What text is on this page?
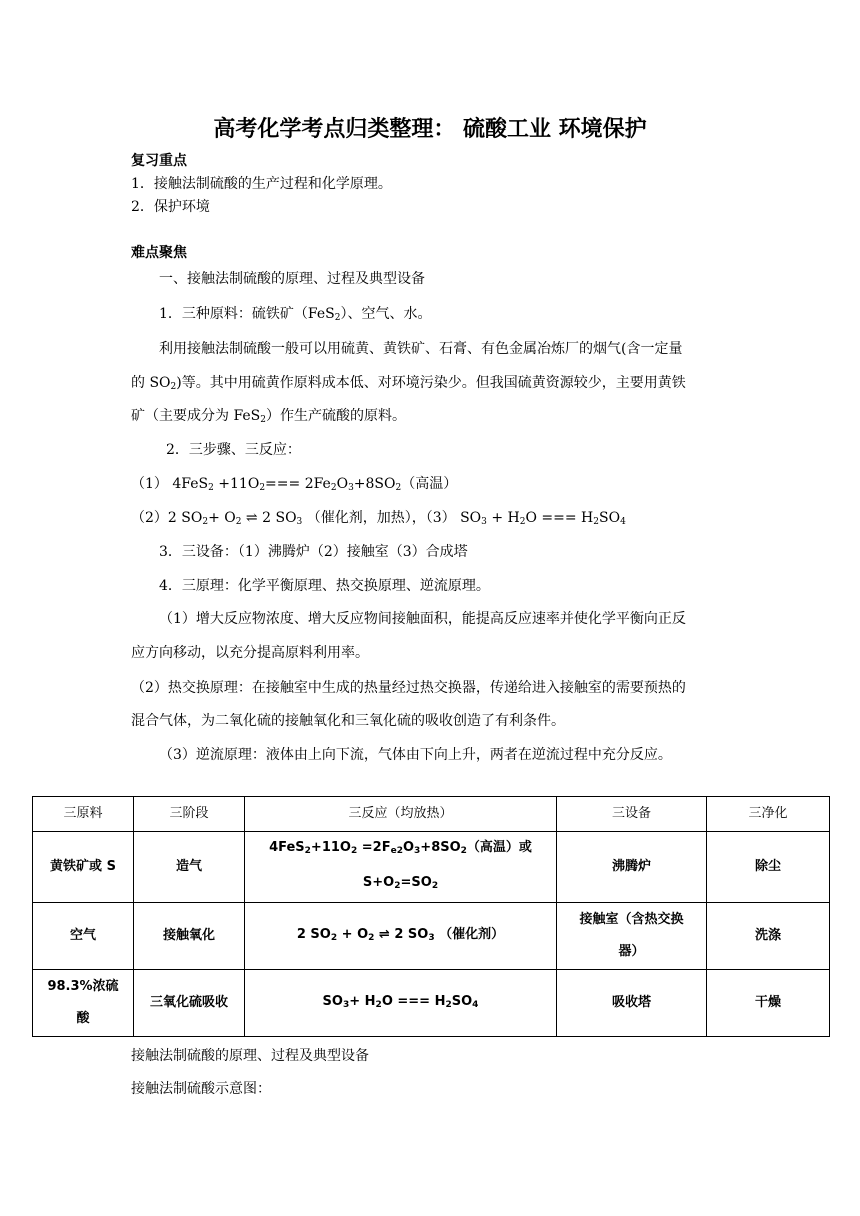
高考化学考点归类整理： 硫酸工业 环境保护
复习重点
1．接触法制硫酸的生产过程和化学原理。
2．保护环境
难点聚焦
一、接触法制硫酸的原理、过程及典型设备
1．三种原料：硫铁矿（FeS$_2$）、空气、水。
利用接触法制硫酸一般可以用硫黄、黄铁矿、石膏、有色金属冶炼厂的烟气(含一定量
的 $SO_2$)等。其中用硫黄作原料成本低、对环境污染少。但我国硫黄资源较少，主要用黄铁
矿（主要成分为 FeS$_2$）作生产硫酸的原料。
2．三步骤、三反应：
（1） $4FeS_2 +11O_2=== 2Fe_2O_3+8SO_2$（高温）
（2）2 $SO_2+ O_2$ ⇌ 2 $SO_3$ （催化剂，加热），（3） $SO_3 + H_2O$ === $H_2SO_4$
3．三设备：（1）沸腾炉（2）接触室（3）合成塔
4．三原理：化学平衡原理、热交换原理、逆流原理。
（1）增大反应物浓度、增大反应物间接触面积，能提高反应速率并使化学平衡向正反
应方向移动，以充分提高原料利用率。
（2）热交换原理：在接触室中生成的热量经过热交换器，传递给进入接触室的需要预热的
混合气体，为二氧化硫的接触氧化和三氧化硫的吸收创造了有利条件。
（3）逆流原理：液体由上向下流，气体由下向上升，两者在逆流过程中充分反应。
三原料	三阶段	三反应（均放热）	三设备	三净化
黄铁矿或 S	造气	$4FeS_2+11O_2 =2F_{e2}O_3+8SO_2$（高温）或
$S+O_2=SO_2$	沸腾炉	除尘
空气	接触氧化	2 $SO_2 + O_2$ ⇌ 2 $SO_3$ （催化剂）	接触室（含热交换
器）	洗涤
98.3%浓硫
酸	三氧化硫吸收	$SO_3+ H_2O$ === $H_2SO_4$	吸收塔	干燥
接触法制硫酸的原理、过程及典型设备
接触法制硫酸示意图：
